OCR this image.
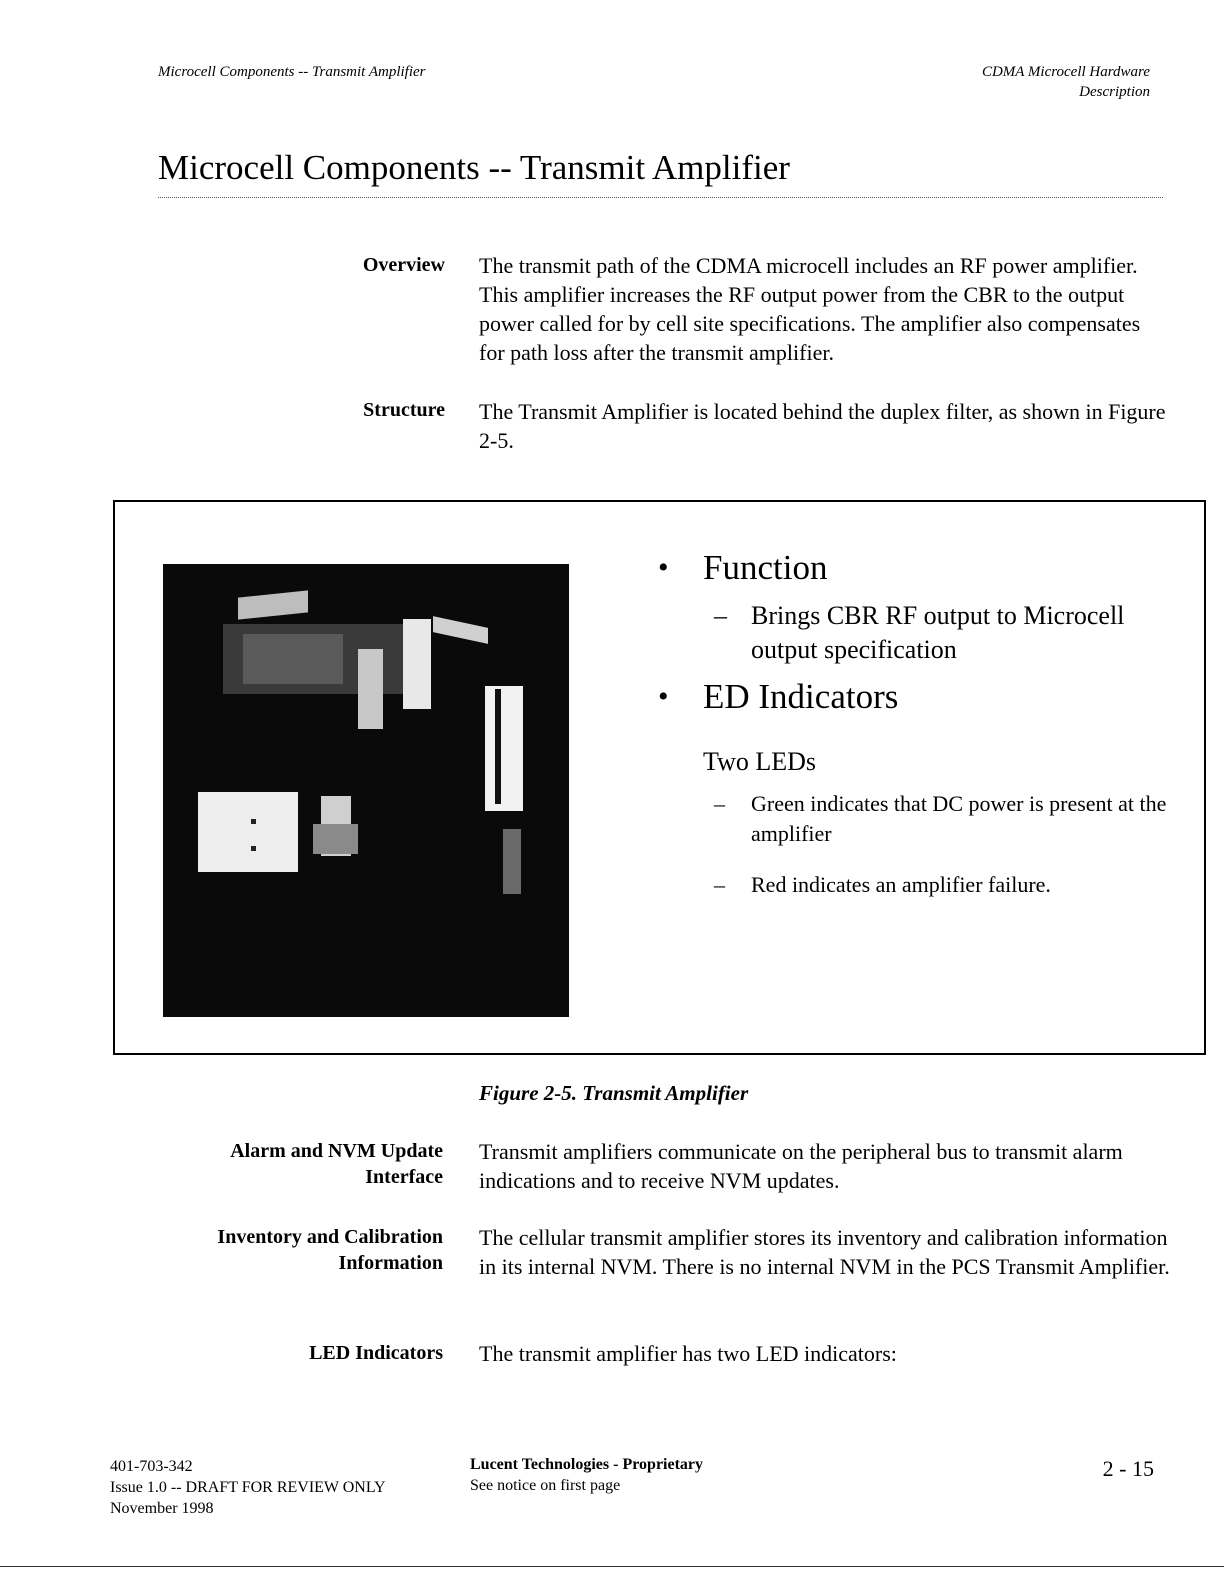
Microcell Components -- Transmit Amplifier	CDMA Microcell Hardware
Description
Microcell Components -- Transmit Amplifier
Overview The transmit path of the CDMA microcell includes an RF power amplifier. This amplifier increases the RF output power from the CBR to the output power called for by cell site specifications. The amplifier also compensates for path loss after the transmit amplifier.

Structure The Transmit Amplifier is located behind the duplex filter, as shown in Figure 2-5.

• Function
– Brings CBR RF output to Microcell output specification
• ED Indicators
Two LEDs
– Green indicates that DC power is present at the amplifier
– Red indicates an amplifier failure.
Figure 2-5. Transmit Amplifier
Alarm and NVM Update
Interface

Transmit amplifiers communicate on the peripheral bus to transmit alarm indications and to receive NVM updates.

Inventory and Calibration
Information

The cellular transmit amplifier stores its inventory and calibration information in its internal NVM. There is no internal NVM in the PCS Transmit Amplifier.

LED Indicators The transmit amplifier has two LED indicators:

401-703-342
Issue 1.0 -- DRAFT FOR REVIEW ONLY
November 1998
Lucent Technologies - Proprietary
See notice on first page
2 - 15
